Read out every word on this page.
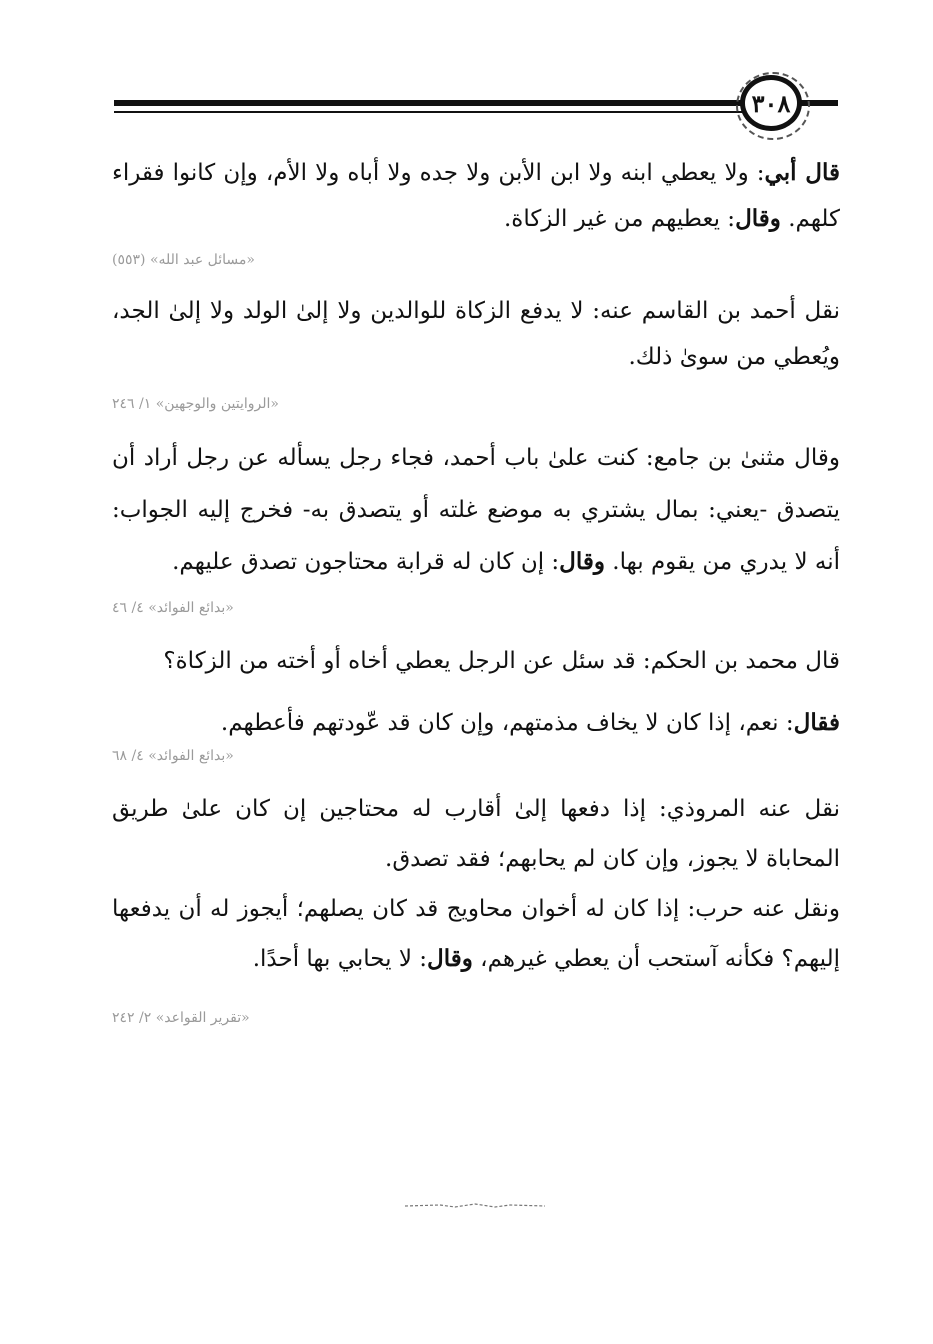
٣٠٨

قال أبي: ولا يعطي ابنه ولا ابن الأبن ولا جده ولا أباه ولا الأم، وإن كانوا فقراء كلهم. وقال: يعطيهم من غير الزكاة.

«مسائل عبد الله» (٥٥٣)

نقل أحمد بن القاسم عنه: لا يدفع الزكاة للوالدين ولا إلىٰ الولد ولا إلىٰ الجد، ويُعطي من سوىٰ ذلك.

«الروايتين والوجهين» ١/ ٢٤٦

وقال مثنىٰ بن جامع: كنت علىٰ باب أحمد، فجاء رجل يسأله عن رجل أراد أن يتصدق -يعني: بمال يشتري به موضع غلته أو يتصدق به- فخرج إليه الجواب: أنه لا يدري من يقوم بها. وقال: إن كان له قرابة محتاجون تصدق عليهم.

«بدائع الفوائد» ٤/ ٤٦

قال محمد بن الحكم: قد سئل عن الرجل يعطي أخاه أو أخته من الزكاة؟

فقال: نعم، إذا كان لا يخاف مذمتهم، وإن كان قد عّودتهم فأعطهم.

«بدائع الفوائد» ٤/ ٦٨

نقل عنه المروذي: إذا دفعها إلىٰ أقارب له محتاجين إن كان علىٰ طريق المحاباة لا يجوز، وإن كان لم يحابهم؛ فقد تصدق.

ونقل عنه حرب: إذا كان له أخوان محاويج قد كان يصلهم؛ أيجوز له أن يدفعها إليهم؟ فكأنه آستحب أن يعطي غيرهم، وقال: لا يحابي بها أحدًا.

«تقرير القواعد» ٢/ ٢٤٢
